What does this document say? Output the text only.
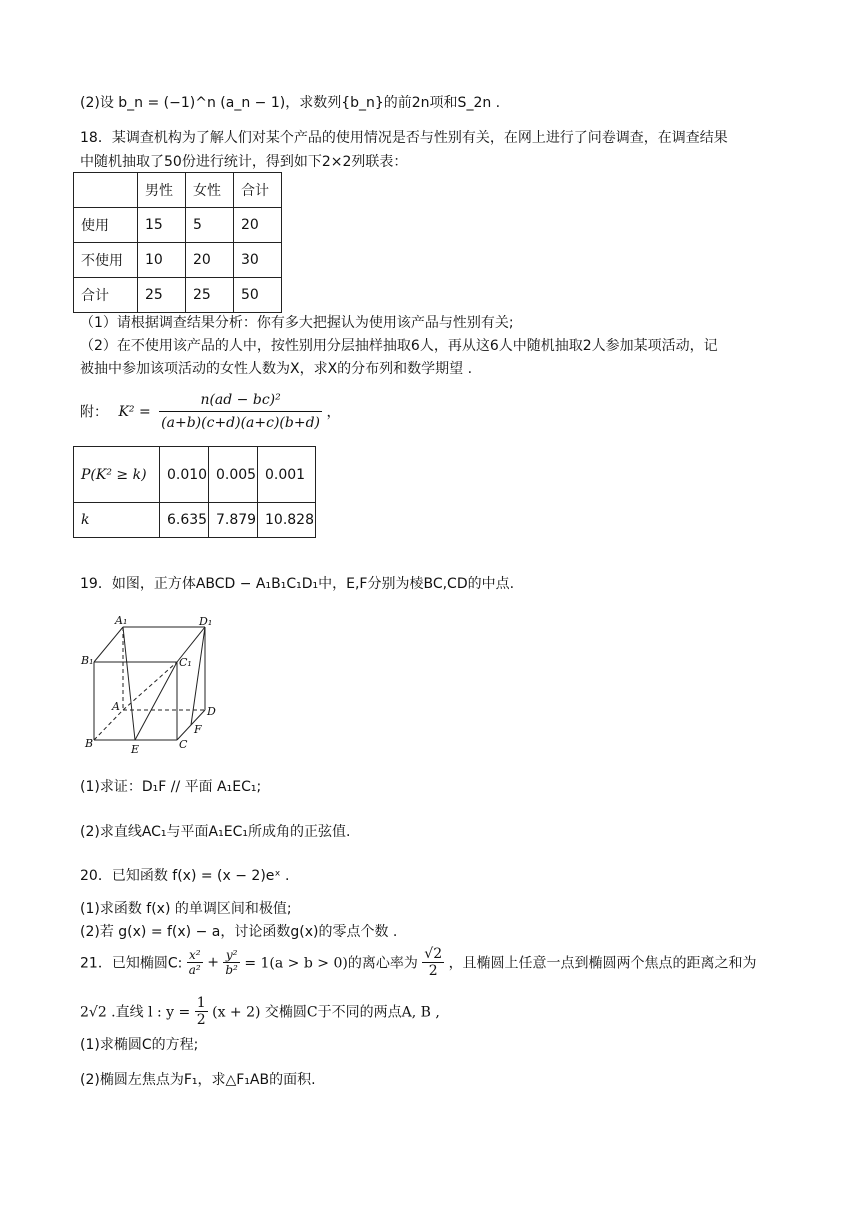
(2)设 b_n = (−1)^n (a_n − 1)，求数列{b_n}的前2n项和S_2n .
18．某调查机构为了解人们对某个产品的使用情况是否与性别有关，在网上进行了问卷调查，在调查结果
中随机抽取了50份进行统计，得到如下2×2列联表：
	男性	女性	合计
使用	15	5	20
不使用	10	20	30
合计	25	25	50
（1）请根据调查结果分析：你有多大把握认为使用该产品与性别有关;
（2）在不使用该产品的人中，按性别用分层抽样抽取6人，再从这6人中随机抽取2人参加某项活动，记
被抽中参加该项活动的女性人数为X，求X的分布列和数学期望 .
附： $K^2 = \frac{\text{n(ad − bc)²}}{(a+b)(c+d)(a+c)(b+d)}$ ，
P(K² ≥ k)	0.010	0.005	0.001
k	6.635	7.879	10.828
19．如图，正方体ABCD − A₁B₁C₁D₁中，E,F分别为棱BC,CD的中点.
A₁	D₁
B₁	C₁
A	D
B	C
E
F
(1)求证：D₁F // 平面 A₁EC₁;
(2)求直线AC₁与平面A₁EC₁所成角的正弦值.
20．已知函数 f(x) = (x − 2)eˣ .
(1)求函数 f(x) 的单调区间和极值;
(2)若 g(x) = f(x) − a，讨论函数g(x)的零点个数 .
21．已知椭圆C: $\frac{\text{x²}}{\text{a²}} + \frac{\text{y²}}{\text{b²}} = 1(a > b > 0)$的离心率为 $\frac{√2}{2}$ ，且椭圆上任意一点到椭圆两个焦点的距离之和为
2√2 .直线 l : $y = \frac{1}{2} (x + 2)$ 交椭圆C于不同的两点A, B ,
(1)求椭圆C的方程;
(2)椭圆左焦点为F₁，求△F₁AB的面积.
